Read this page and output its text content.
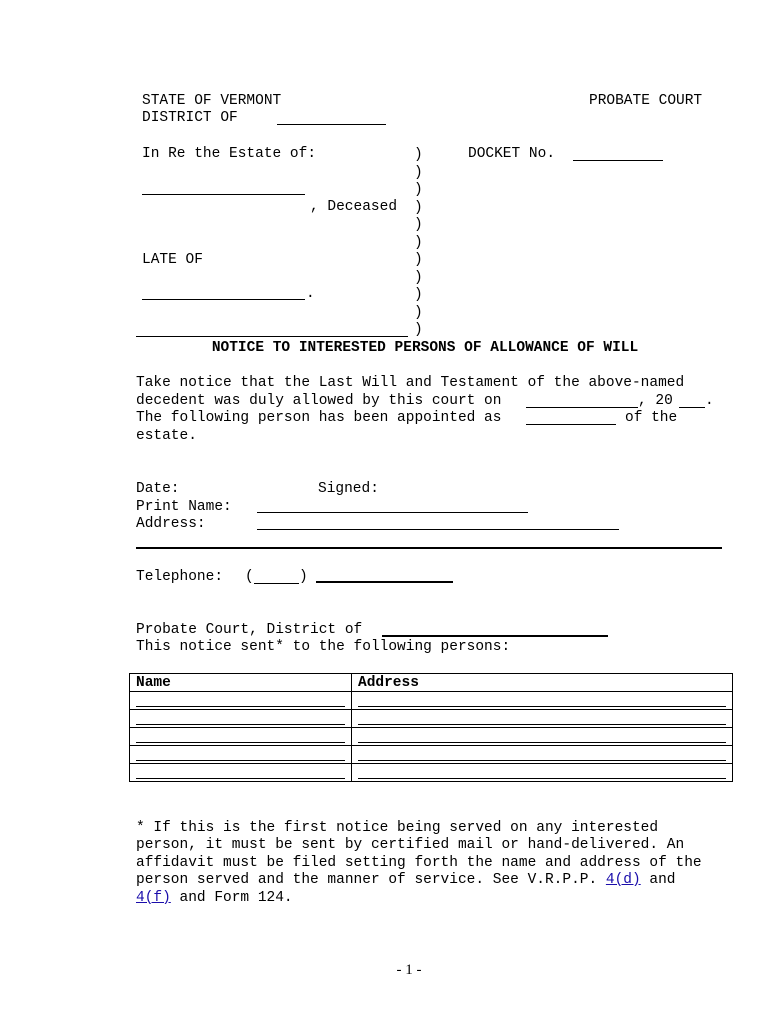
STATE OF VERMONT	PROBATE COURT
DISTRICT OF
In Re the Estate of:	DOCKET No.
, Deceased
LATE OF
.
)
)
)
)
)
)
)
)
)
)
)
NOTICE TO INTERESTED PERSONS OF ALLOWANCE OF WILL
Take notice that the Last Will and Testament of the above-named
decedent was duly allowed by this court on	, 20 .
The following person has been appointed as	of the
estate.
Date:	Signed:
Print Name:
Address:
Telephone: (	)
Probate Court, District of
This notice sent* to the following persons:
Name	Address

* If this is the first notice being served on any interested
person, it must be sent by certified mail or hand-delivered. An
affidavit must be filed setting forth the name and address of the
person served and the manner of service. See V.R.P.P. 4(d) and
4(f) and Form 124.
- 1 -
